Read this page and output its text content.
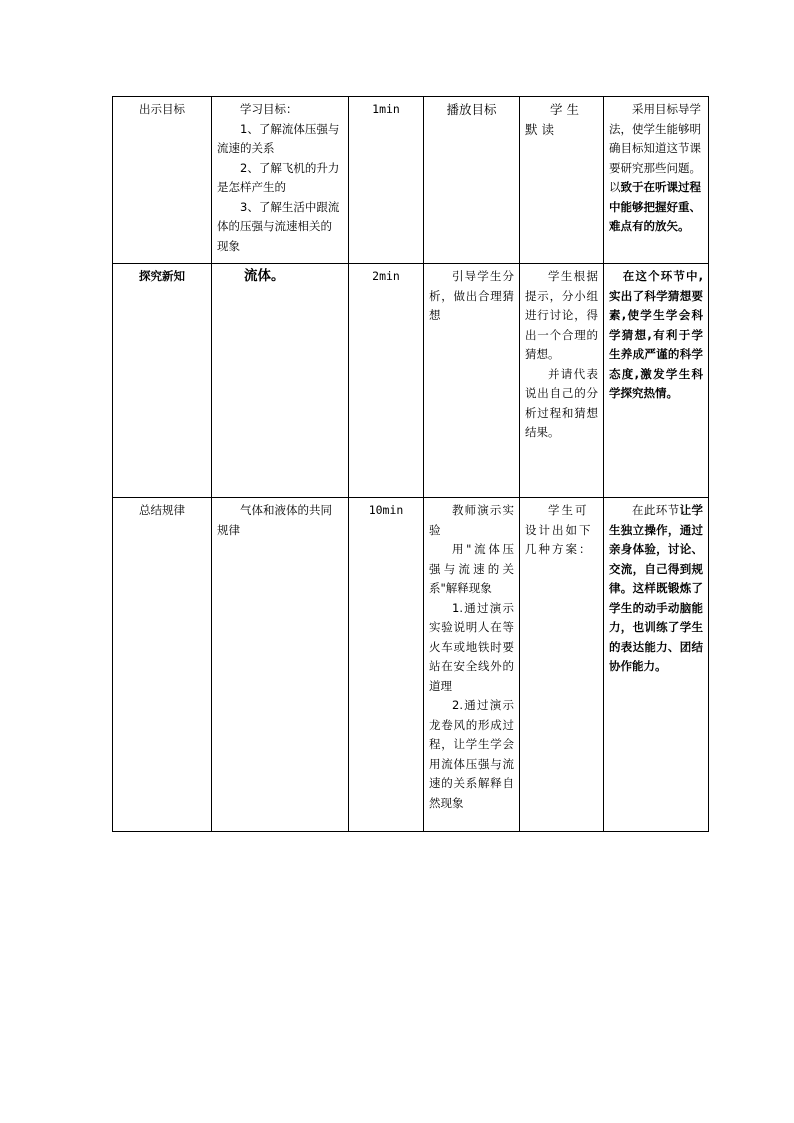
出示目标	学习目标：

1、了解流体压强与流速的关系

2、了解飞机的升力是怎样产生的

3、了解生活中跟流体的压强与流速相关的现象	1min	播放目标	学生默读	采用目标导学法，使学生能够明确目标知道这节课要研究那些问题。以致于在听课过程中能够把握好重、难点有的放矢。
探究新知	流体。	2min	引导学生分析，做出合理猜想	学生根据提示，分小组进行讨论，得出一个合理的猜想。

并请代表说出自己的分析过程和猜想结果。	在这个环节中,实出了科学猜想要素,使学生学会科学猜想,有利于学生养成严谨的科学态度,激发学生科学探究热情。
总结规律	气体和液体的共同规律	10min	教师演示实验

用"流体压强与流速的关系"解释现象

1.通过演示实验说明人在等火车或地铁时要站在安全线外的道理

2.通过演示龙卷风的形成过程，让学生学会用流体压强与流速的关系解释自然现象	学生可设计出如下几种方案：	在此环节让学生独立操作，通过亲身体验，讨论、交流，自己得到规律。这样既锻炼了学生的动手动脑能力，也训练了学生的表达能力、团结协作能力。
